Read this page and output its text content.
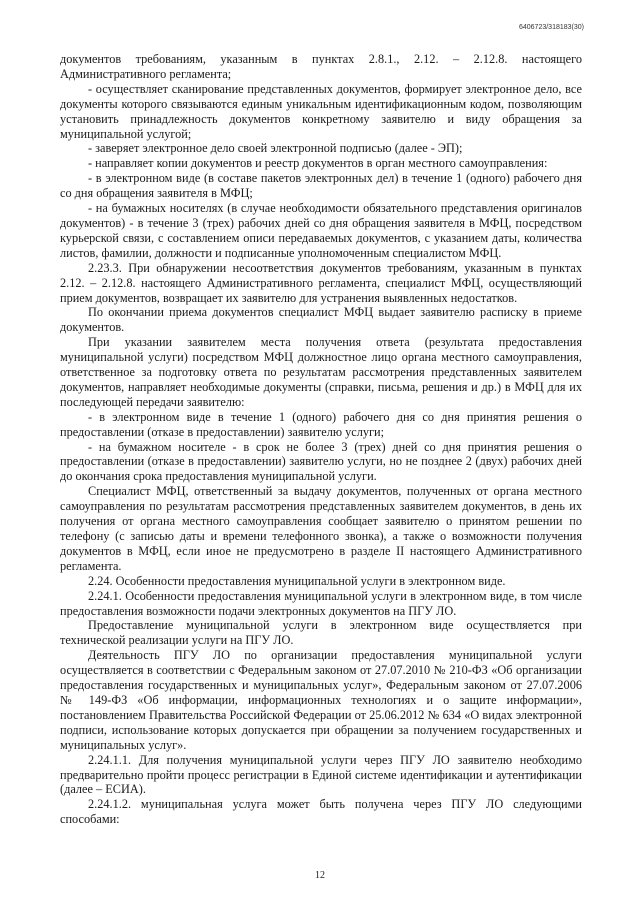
6406723/318183(30)

документов требованиям, указанным в пунктах 2.8.1., 2.12. – 2.12.8. настоящего Административного регламента;

- осуществляет сканирование представленных документов, формирует электронное дело, все документы которого связываются единым уникальным идентификационным кодом, позволяющим установить принадлежность документов конкретному заявителю и виду обращения за муниципальной услугой;

- заверяет электронное дело своей электронной подписью (далее - ЭП);

- направляет копии документов и реестр документов в орган местного самоуправления:

- в электронном виде (в составе пакетов электронных дел) в течение 1 (одного) рабочего дня со дня обращения заявителя в МФЦ;

- на бумажных носителях (в случае необходимости обязательного представления оригиналов документов) - в течение 3 (трех) рабочих дней со дня обращения заявителя в МФЦ, посредством курьерской связи, с составлением описи передаваемых документов, с указанием даты, количества листов, фамилии, должности и подписанные уполномоченным специалистом МФЦ.

2.23.3. При обнаружении несоответствия документов требованиям, указанным в пунктах 2.12. – 2.12.8. настоящего Административного регламента, специалист МФЦ, осуществляющий прием документов, возвращает их заявителю для устранения выявленных недостатков.

По окончании приема документов специалист МФЦ выдает заявителю расписку в приеме документов.

При указании заявителем места получения ответа (результата предоставления муниципальной услуги) посредством МФЦ должностное лицо органа местного самоуправления, ответственное за подготовку ответа по результатам рассмотрения представленных заявителем документов, направляет необходимые документы (справки, письма, решения и др.) в МФЦ для их последующей передачи заявителю:

- в электронном виде в течение 1 (одного) рабочего дня со дня принятия решения о предоставлении (отказе в предоставлении) заявителю услуги;

- на бумажном носителе - в срок не более 3 (трех) дней со дня принятия решения о предоставлении (отказе в предоставлении) заявителю услуги, но не позднее 2 (двух) рабочих дней до окончания срока предоставления муниципальной услуги.

Специалист МФЦ, ответственный за выдачу документов, полученных от органа местного самоуправления по результатам рассмотрения представленных заявителем документов, в день их получения от органа местного самоуправления сообщает заявителю о принятом решении по телефону (с записью даты и времени телефонного звонка), а также о возможности получения документов в МФЦ, если иное не предусмотрено в разделе II настоящего Административного регламента.

2.24. Особенности предоставления муниципальной услуги в электронном виде.

2.24.1. Особенности предоставления муниципальной услуги в электронном виде, в том числе предоставления возможности подачи электронных документов на ПГУ ЛО.

Предоставление муниципальной услуги в электронном виде осуществляется при технической реализации услуги на ПГУ ЛО.

Деятельность ПГУ ЛО по организации предоставления муниципальной услуги осуществляется в соответствии с Федеральным законом от 27.07.2010 № 210-ФЗ «Об организации предоставления государственных и муниципальных услуг», Федеральным законом от 27.07.2006 № 149-ФЗ «Об информации, информационных технологиях и о защите информации», постановлением Правительства Российской Федерации от 25.06.2012 № 634 «О видах электронной подписи, использование которых допускается при обращении за получением государственных и муниципальных услуг».

2.24.1.1. Для получения муниципальной услуги через ПГУ ЛО заявителю необходимо предварительно пройти процесс регистрации в Единой системе идентификации и аутентификации (далее – ЕСИА).

2.24.1.2. муниципальная услуга может быть получена через ПГУ ЛО следующими способами:

12
